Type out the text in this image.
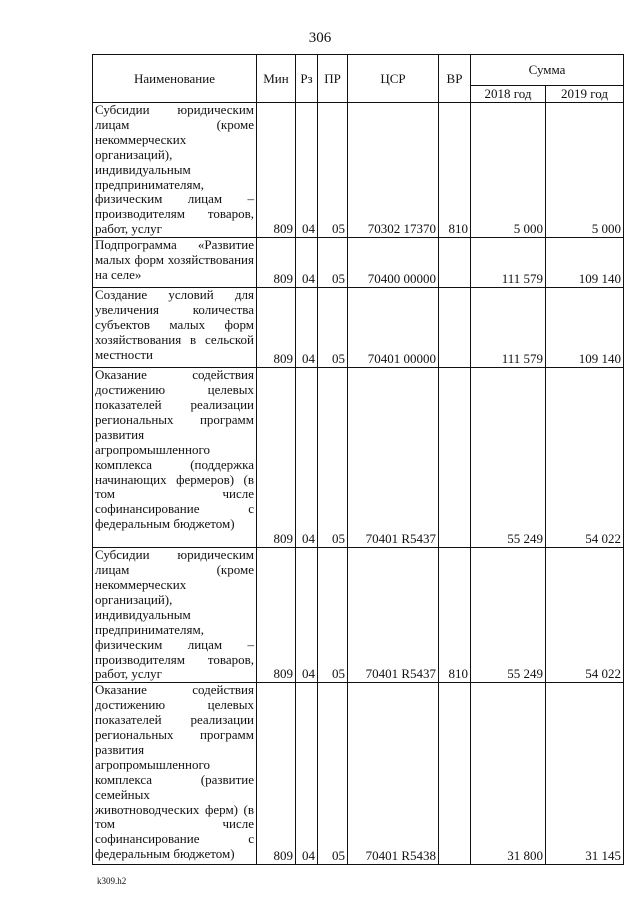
306
Наименование	Мин	Рз	ПР	ЦСР	ВР	Сумма	
						2018 год	2019 год
Субсидии юридическим лицам (кроме некоммерческих организаций), индивидуальным предпринимателям, физическим лицам – производителям товаров, работ, услуг	809	04	05	70302 17370	810	5 000	5 000
Подпрограмма «Развитие малых форм хозяйствования на селе»	809	04	05	70400 00000		111 579	109 140
Создание условий для увеличения количества субъектов малых форм хозяйствования в сельской местности	809	04	05	70401 00000		111 579	109 140
Оказание содействия достижению целевых показателей реализации региональных программ развития агропромышленного комплекса (поддержка начинающих фермеров) (в том числе софинансирование с федеральным бюджетом)	809	04	05	70401 R5437		55 249	54 022
Субсидии юридическим лицам (кроме некоммерческих организаций), индивидуальным предпринимателям, физическим лицам – производителям товаров, работ, услуг	809	04	05	70401 R5437	810	55 249	54 022
Оказание содействия достижению целевых показателей реализации региональных программ развития агропромышленного комплекса (развитие семейных животноводческих ферм) (в том числе софинансирование с федеральным бюджетом)	809	04	05	70401 R5438		31 800	31 145
k309.h2
